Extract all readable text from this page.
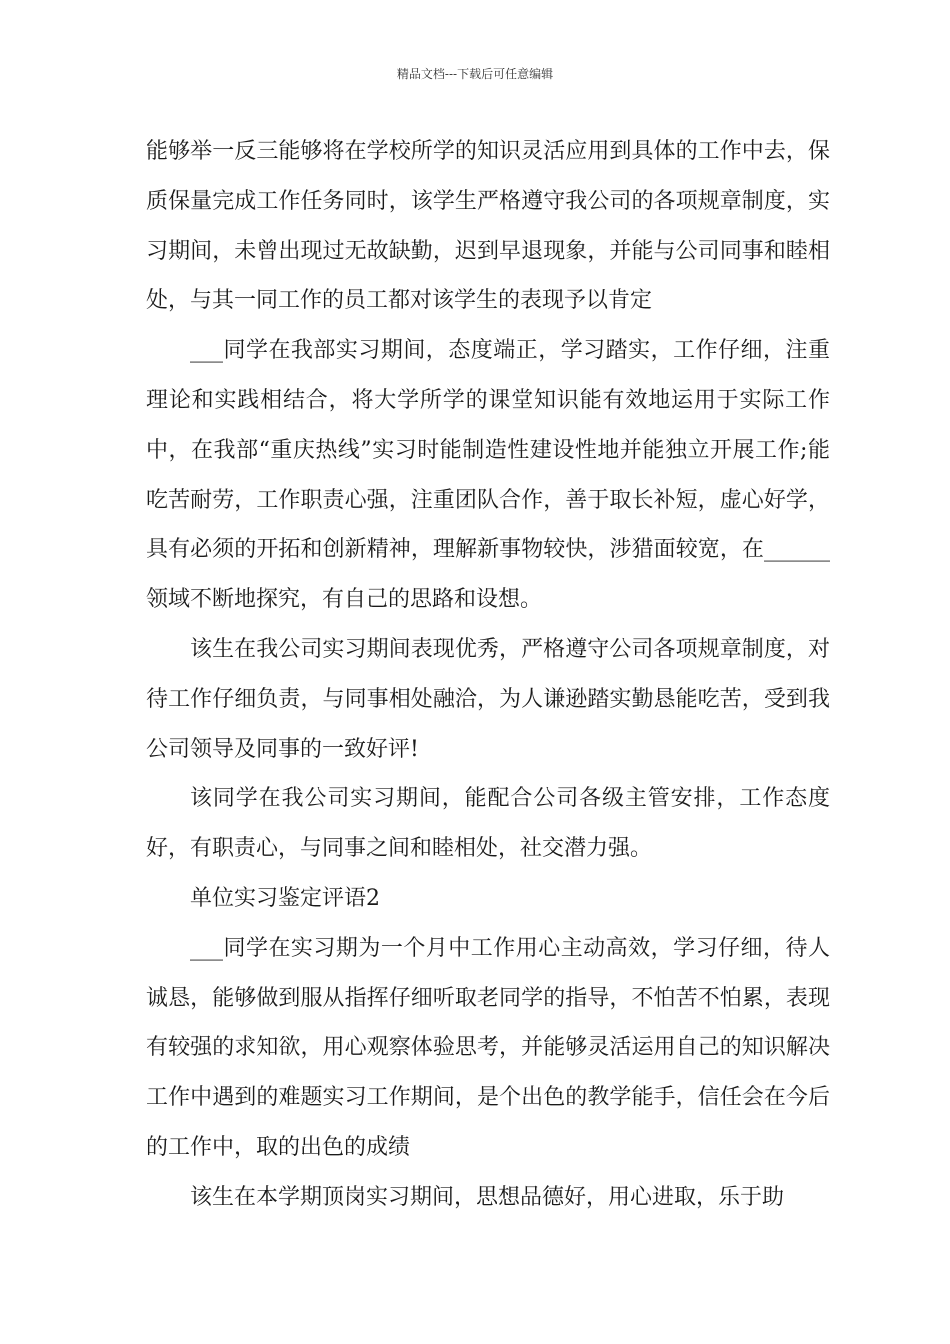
精品文档---下载后可任意编辑

能够举一反三能够将在学校所学的知识灵活应用到具体的工作中去，保质保量完成工作任务同时，该学生严格遵守我公司的各项规章制度，实习期间，未曾出现过无故缺勤，迟到早退现象，并能与公司同事和睦相处，与其一同工作的员工都对该学生的表现予以肯定

___同学在我部实习期间，态度端正，学习踏实，工作仔细，注重理论和实践相结合，将大学所学的课堂知识能有效地运用于实际工作中，在我部“重庆热线”实习时能制造性建设性地并能独立开展工作;能吃苦耐劳，工作职责心强，注重团队合作，善于取长补短，虚心好学，具有必须的开拓和创新精神，理解新事物较快，涉猎面较宽，在______领域不断地探究，有自己的思路和设想。

该生在我公司实习期间表现优秀，严格遵守公司各项规章制度，对待工作仔细负责，与同事相处融洽，为人谦逊踏实勤恳能吃苦，受到我公司领导及同事的一致好评!

该同学在我公司实习期间，能配合公司各级主管安排，工作态度好，有职责心，与同事之间和睦相处，社交潜力强。

单位实习鉴定评语2

___同学在实习期为一个月中工作用心主动高效，学习仔细，待人诚恳，能够做到服从指挥仔细听取老同学的指导，不怕苦不怕累，表现有较强的求知欲，用心观察体验思考，并能够灵活运用自己的知识解决工作中遇到的难题实习工作期间，是个出色的教学能手，信任会在今后的工作中，取的出色的成绩

该生在本学期顶岗实习期间，思想品德好，用心进取，乐于助
